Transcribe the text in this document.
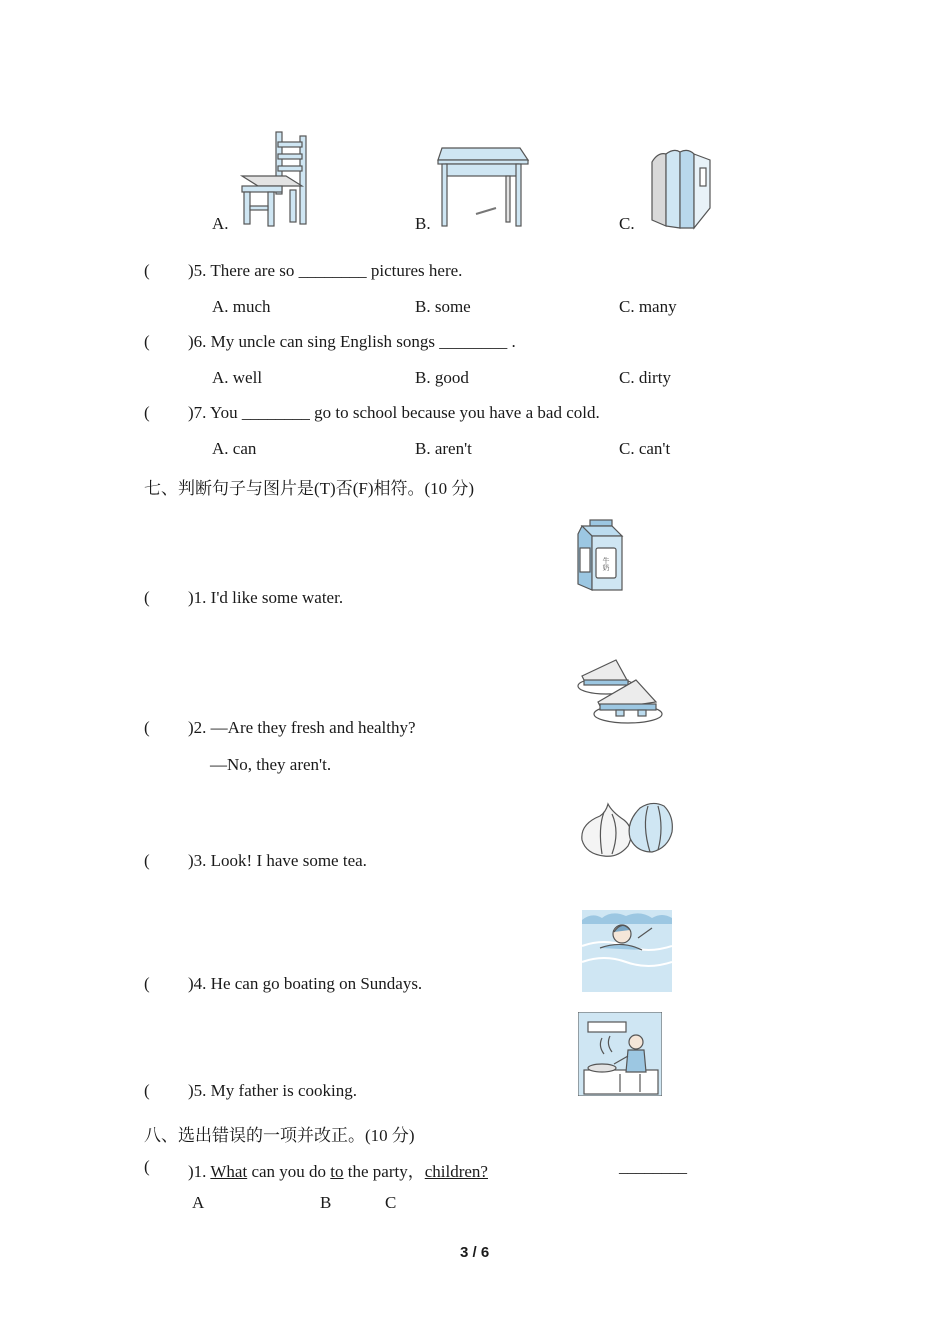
A.	B.	C.
( )5. There are so ________ pictures here.
A. much	B. some	C. many
( )6. My uncle can sing English songs ________ .
A. well	B. good	C. dirty
( )7. You ________ go to school because you have a bad cold.
A. can	B. aren't	C. can't
七、判断句子与图片是(T)否(F)相符。(10 分)
牛奶
( )1. I'd like some water.
( )2. —Are they fresh and healthy?
—No, they aren't.
( )3. Look! I have some tea.
( )4. He can go boating on Sundays.
( )5. My father is cooking.
八、选出错误的一项并改正。(10 分)
( )1. What can you do to the party，children?	________
A	B	C
3 / 6
